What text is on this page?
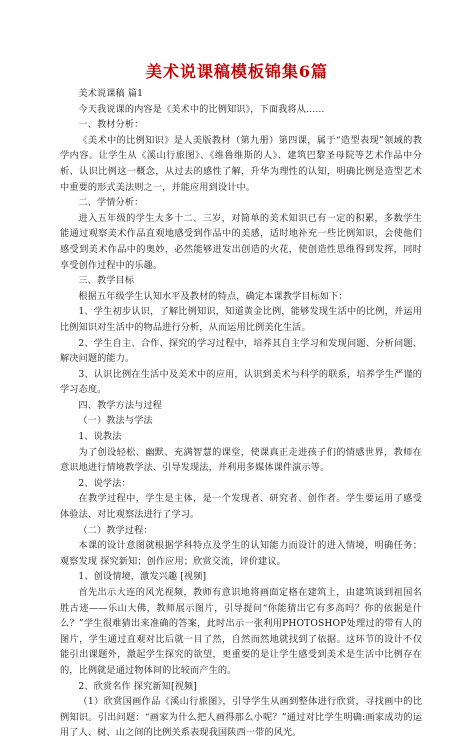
美术说课稿模板锦集6篇

美术说课稿 篇1

今天我说课的内容是《美术中的比例知识》，下面我将从……

一、教材分析：

《美术中的比例知识》是人美版教材（第九册）第四课，属于“造型表现”领域的教学内容。让学生从《溪山行旅图》、《维鲁维斯的人》、建筑巴黎圣母院等艺术作品中分析、认识比例这一概念，从过去的感性了解，升华为理性的认知，明确比例是造型艺术中重要的形式美法则之一，并能应用到设计中。

二、学情分析：

进入五年级的学生大多十二、三岁，对简单的美术知识已有一定的积累，多数学生能通过观察美术作品直观地感受到作品中的美感，适时地补充一些比例知识，会使他们感受到美术作品中的奥妙，必然能够进发出创造的火花，使创造性思维得到发挥，同时享受创作过程中的乐趣。

三、教学目标

根据五年级学生认知水平及教材的特点，确定本课教学目标如下：

1、学生初步认识，了解比例知识，知道黄金比例，能够发现生活中的比例，并运用比例知识对生活中的物品进行分析，从而运用比例美化生活。

2、学生自主、合作、探究的学习过程中，培养其自主学习和发现问题、分析问题、解决问题的能力。

3、认识比例在生活中及美术中的应用，认识到美术与科学的联系，培养学生严谨的学习态度。

四、教学方法与过程

（一）教法与学法

1、说教法

为了创设轻松、幽默、充满智慧的课堂，使课真正走进孩子们的情感世界，教师在意识地进行情境教学法、引导发现法，并利用多媒体课件演示等。

2、说学法：

在教学过程中，学生是主体，是一个发现者、研究者、创作者。学生要运用了感受体验法、对比观察法进行了学习。

（二）教学过程：

本课的设计意图就根据学科特点及学生的认知能力而设计的进入情境，明确任务；观察发现 探究新知；创作应用；欣赏交流，评价建议。

1、创设情境，激发兴趣 [视频]

首先出示大连的风光视频，教师有意识地将画面定格在建筑上，由建筑谈到祖国名胜古迹——乐山大佛，教师展示图片，引导提问“你能猜出它有多高吗？你的依据是什么？”学生很难猜出来准确的答案，此时出示一张利用PHOTOSHOP处理过的带有人的图片，学生通过直观对比后就一目了然，自然而然地就找到了依据。这环节的设计不仅能引出课题外，激起学生探究的欲望，更重要的是让学生感受到美术是生活中比例存在的，比例就是通过物体间的比较而产生的。

2、欣赏名作 探究新知[视频]

（1）欣赏国画作品《溪山行旅图》，引导学生从画到整体进行欣赏，寻找画中的比例知识。引出问题：“画家为什么把人画得那么小呢？”通过对比学生明确:画家成功的运用了人、树、山之间的比例关系表现我国陕西一带的风光。
